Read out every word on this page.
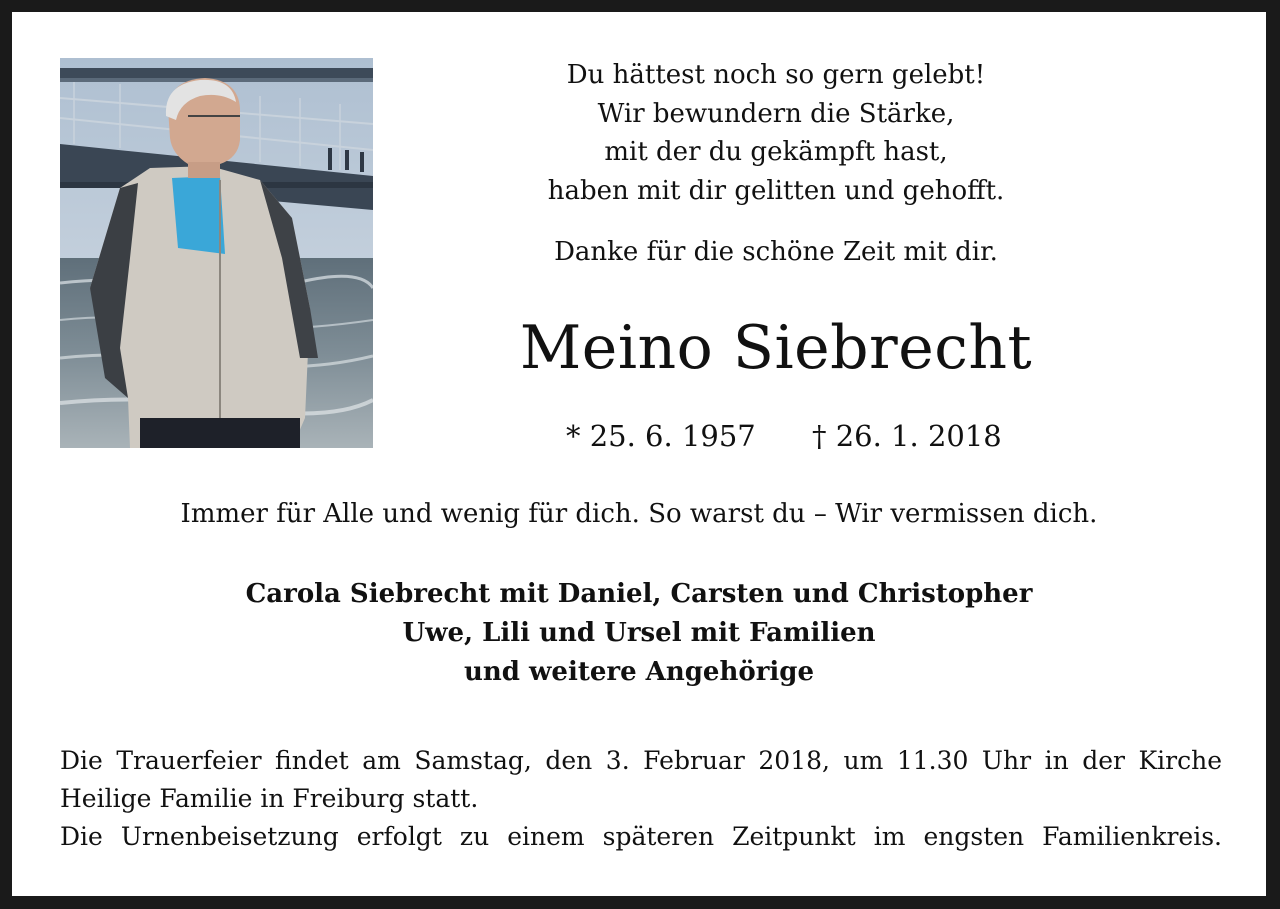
Du hättest noch so gern gelebt!
Wir bewundern die Stärke,
mit der du gekämpft hast,
haben mit dir gelitten und gehofft.
Danke für die schöne Zeit mit dir.
Meino Siebrecht
* 25. 6. 1957 † 26. 1. 2018
Immer für Alle und wenig für dich. So warst du – Wir vermissen dich.
Carola Siebrecht mit Daniel, Carsten und Christopher
Uwe, Lili und Ursel mit Familien
und weitere Angehörige
Die Trauerfeier findet am Samstag, den 3. Februar 2018, um 11.30 Uhr in der Kirche
Heilige Familie in Freiburg statt.
Die Urnenbeisetzung erfolgt zu einem späteren Zeitpunkt im engsten Familienkreis.
